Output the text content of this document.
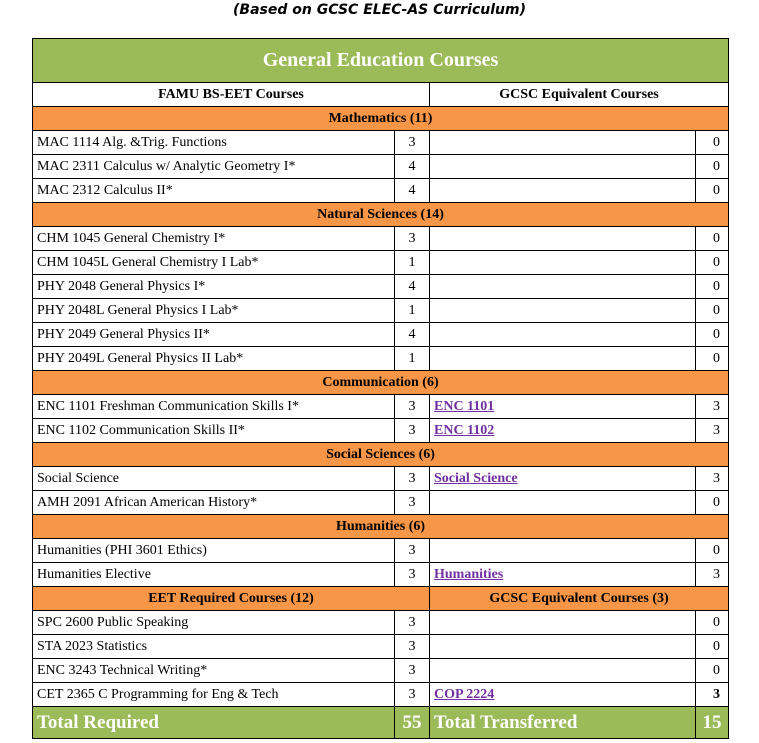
(Based on GCSC ELEC-AS Curriculum)
General Education Courses			
FAMU BS-EET Courses		GCSC Equivalent Courses	
Mathematics (11)			
MAC 1114 Alg. &Trig. Functions	3		0
MAC 2311 Calculus w/ Analytic Geometry I*	4		0
MAC 2312 Calculus II*	4		0
Natural Sciences (14)			
CHM 1045 General Chemistry I*	3		0
CHM 1045L General Chemistry I Lab*	1		0
PHY 2048 General Physics I*	4		0
PHY 2048L General Physics I Lab*	1		0
PHY 2049 General Physics II*	4		0
PHY 2049L General Physics II Lab*	1		0
Communication (6)			
ENC 1101 Freshman Communication Skills I*	3	ENC 1101	3
ENC 1102 Communication Skills II*	3	ENC 1102	3
Social Sciences (6)			
Social Science	3	Social Science	3
AMH 2091 African American History*	3		0
Humanities (6)			
Humanities (PHI 3601 Ethics)	3		0
Humanities Elective	3	Humanities	3
EET Required Courses (12)		GCSC Equivalent Courses (3)	
SPC 2600 Public Speaking	3		0
STA 2023 Statistics	3		0
ENC 3243 Technical Writing*	3		0
CET 2365 C Programming for Eng & Tech	3	COP 2224	3
Total Required	55	Total Transferred	15
